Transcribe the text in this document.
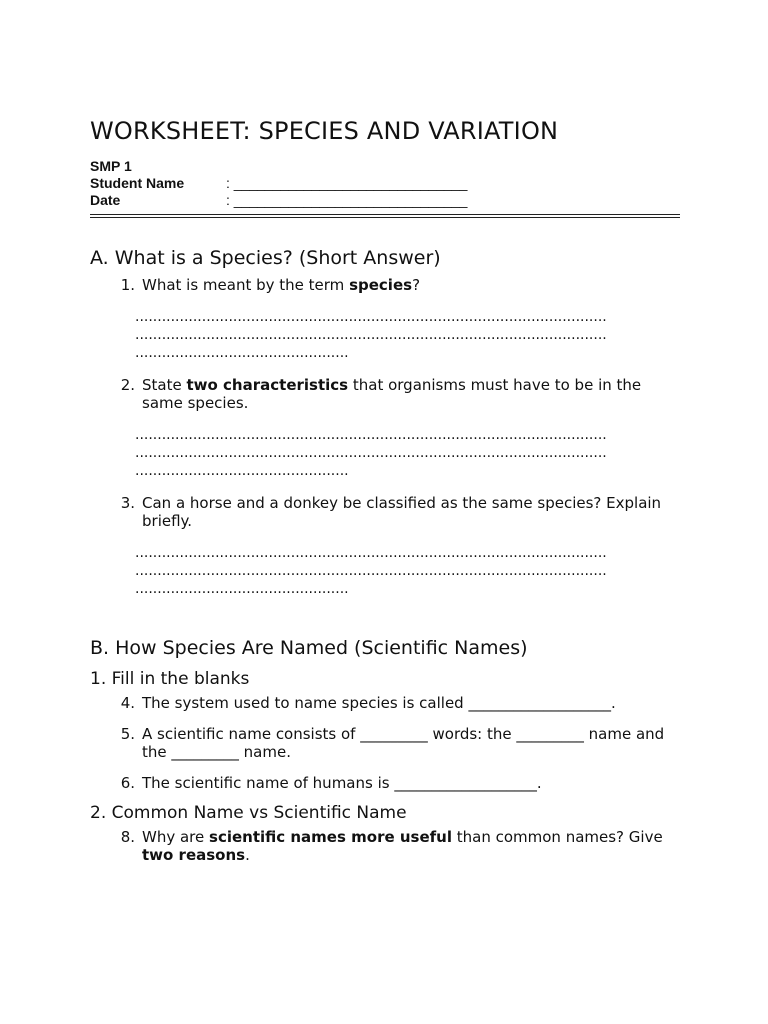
WORKSHEET: SPECIES AND VARIATION
SMP 1
Student Name	: ______________________________
Date	: ______________________________
A. What is a Species? (Short Answer)
1. What is meant by the term species?
..........................................................................................................
..........................................................................................................
................................................
2. State two characteristics that organisms must have to be in the same species.
..........................................................................................................
..........................................................................................................
................................................
3. Can a horse and a donkey be classified as the same species? Explain briefly.
..........................................................................................................
..........................................................................................................
................................................
B. How Species Are Named (Scientific Names)
1. Fill in the blanks
4. The system used to name species is called ___________________.
5. A scientific name consists of _________ words: the _________ name and the _________ name.
6. The scientific name of humans is ___________________.
2. Common Name vs Scientific Name
8. Why are scientific names more useful than common names? Give two reasons.
